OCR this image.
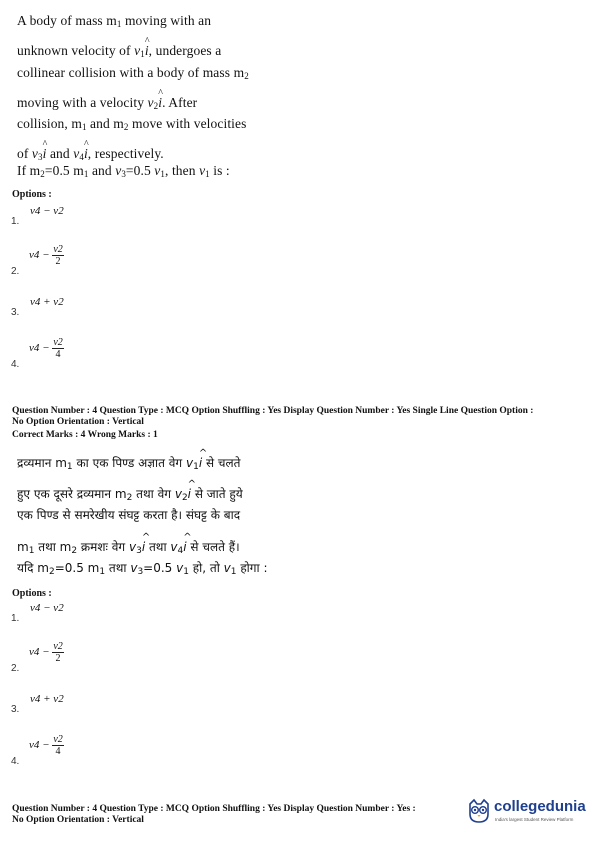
A body of mass $m_1$ moving with an
unknown velocity of $v_1\^{}$ i, undergoes a
collinear collision with a body of mass $m_2$
moving with a velocity $v_2\^{}$ i. After
collision, $m_1$ and $m_2$ move with velocities
of $v_3\^{}$ i and $v_4\^{}$ i, respectively.
If $m_2=0.5$ $m_1$ and $v_3=0.5$ $v_1$, then $v_1$ is :
Options :
v4 − v2
1.
$v4 - \frac{v2}{2}$
2.
v4 + v2
3.
$v4 - \frac{v2}{4}$
4.
Question Number : 4 Question Type : MCQ Option Shuffling : Yes Display Question Number : Yes Single Line Question Option :
No Option Orientation : Vertical
Correct Marks : 4 Wrong Marks : 1
द्रव्यमान $m_1$ का एक पिण्ड अज्ञात वेग $v_1\^{}$ i से चलते
हुए एक दूसरे द्रव्यमान $m_2$ तथा वेग $v_2\^{}$ i से जाते हुये
एक पिण्ड से समरेखीय संघट्ट करता है। संघट्ट के बाद
$m_1$ तथा $m_2$ क्रमशः वेग $v_3\^{}$ i तथा $v_4\^{}$ i से चलते हैं।
यदि $m_2=0.5$ $m_1$ तथा $v_3=0.5$ $v_1$ हो, तो $v_1$ होगा :
Options :
v4 − v2
1.
$v4 - \frac{v2}{2}$
2.
v4 + v2
3.
$v4 - \frac{v2}{4}$
4.
Question Number : 4 Question Type : MCQ Option Shuffling : Yes Display Question Number : Yes :
No Option Orientation : Vertical
collegedunia
India's largest Student Review Platform
